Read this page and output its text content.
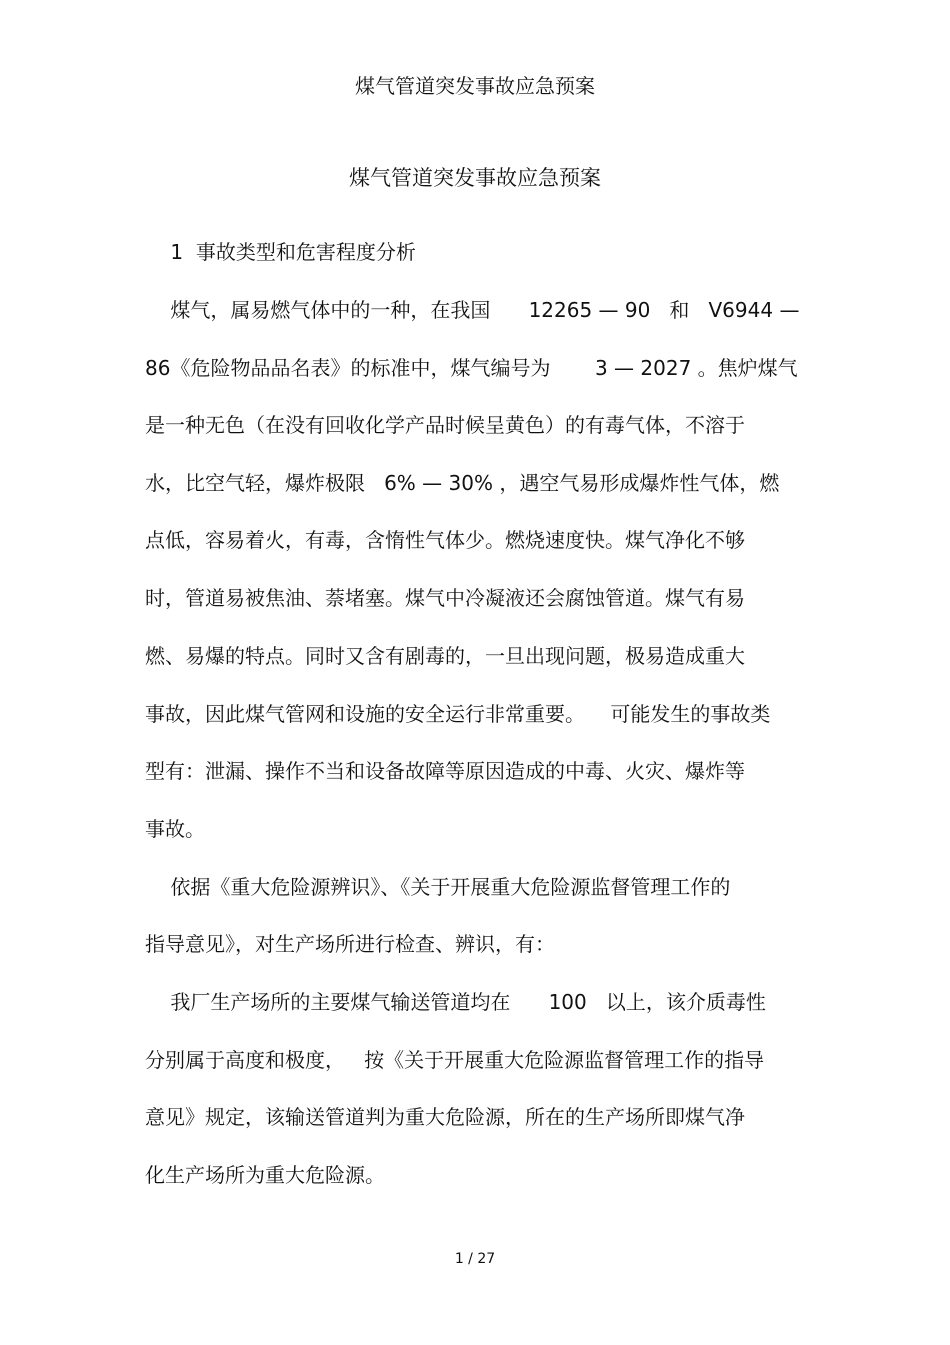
煤气管道突发事故应急预案
煤气管道突发事故应急预案
1  事故类型和危害程度分析
煤气，属易燃气体中的一种，在我国      12265 — 90   和   V6944 —
86《危险物品品名表》的标准中，煤气编号为       3 — 2027 。焦炉煤气
是一种无色（在没有回收化学产品时候呈黄色）的有毒气体，不溶于
水，比空气轻，爆炸极限   6% — 30% ，遇空气易形成爆炸性气体，燃
点低，容易着火，有毒，含惰性气体少。燃烧速度快。煤气净化不够
时，管道易被焦油、萘堵塞。煤气中冷凝液还会腐蚀管道。煤气有易
燃、易爆的特点。同时又含有剧毒的，一旦出现问题，极易造成重大
事故，因此煤气管网和设施的安全运行非常重要。    可能发生的事故类
型有：泄漏、操作不当和设备故障等原因造成的中毒、火灾、爆炸等
事故。
依据《重大危险源辨识》、《关于开展重大危险源监督管理工作的
指导意见》，对生产场所进行检查、辨识，有：
我厂生产场所的主要煤气输送管道均在      100   以上，该介质毒性
分别属于高度和极度，   按《关于开展重大危险源监督管理工作的指导
意见》规定，该输送管道判为重大危险源，所在的生产场所即煤气净
化生产场所为重大危险源。
1 / 27
